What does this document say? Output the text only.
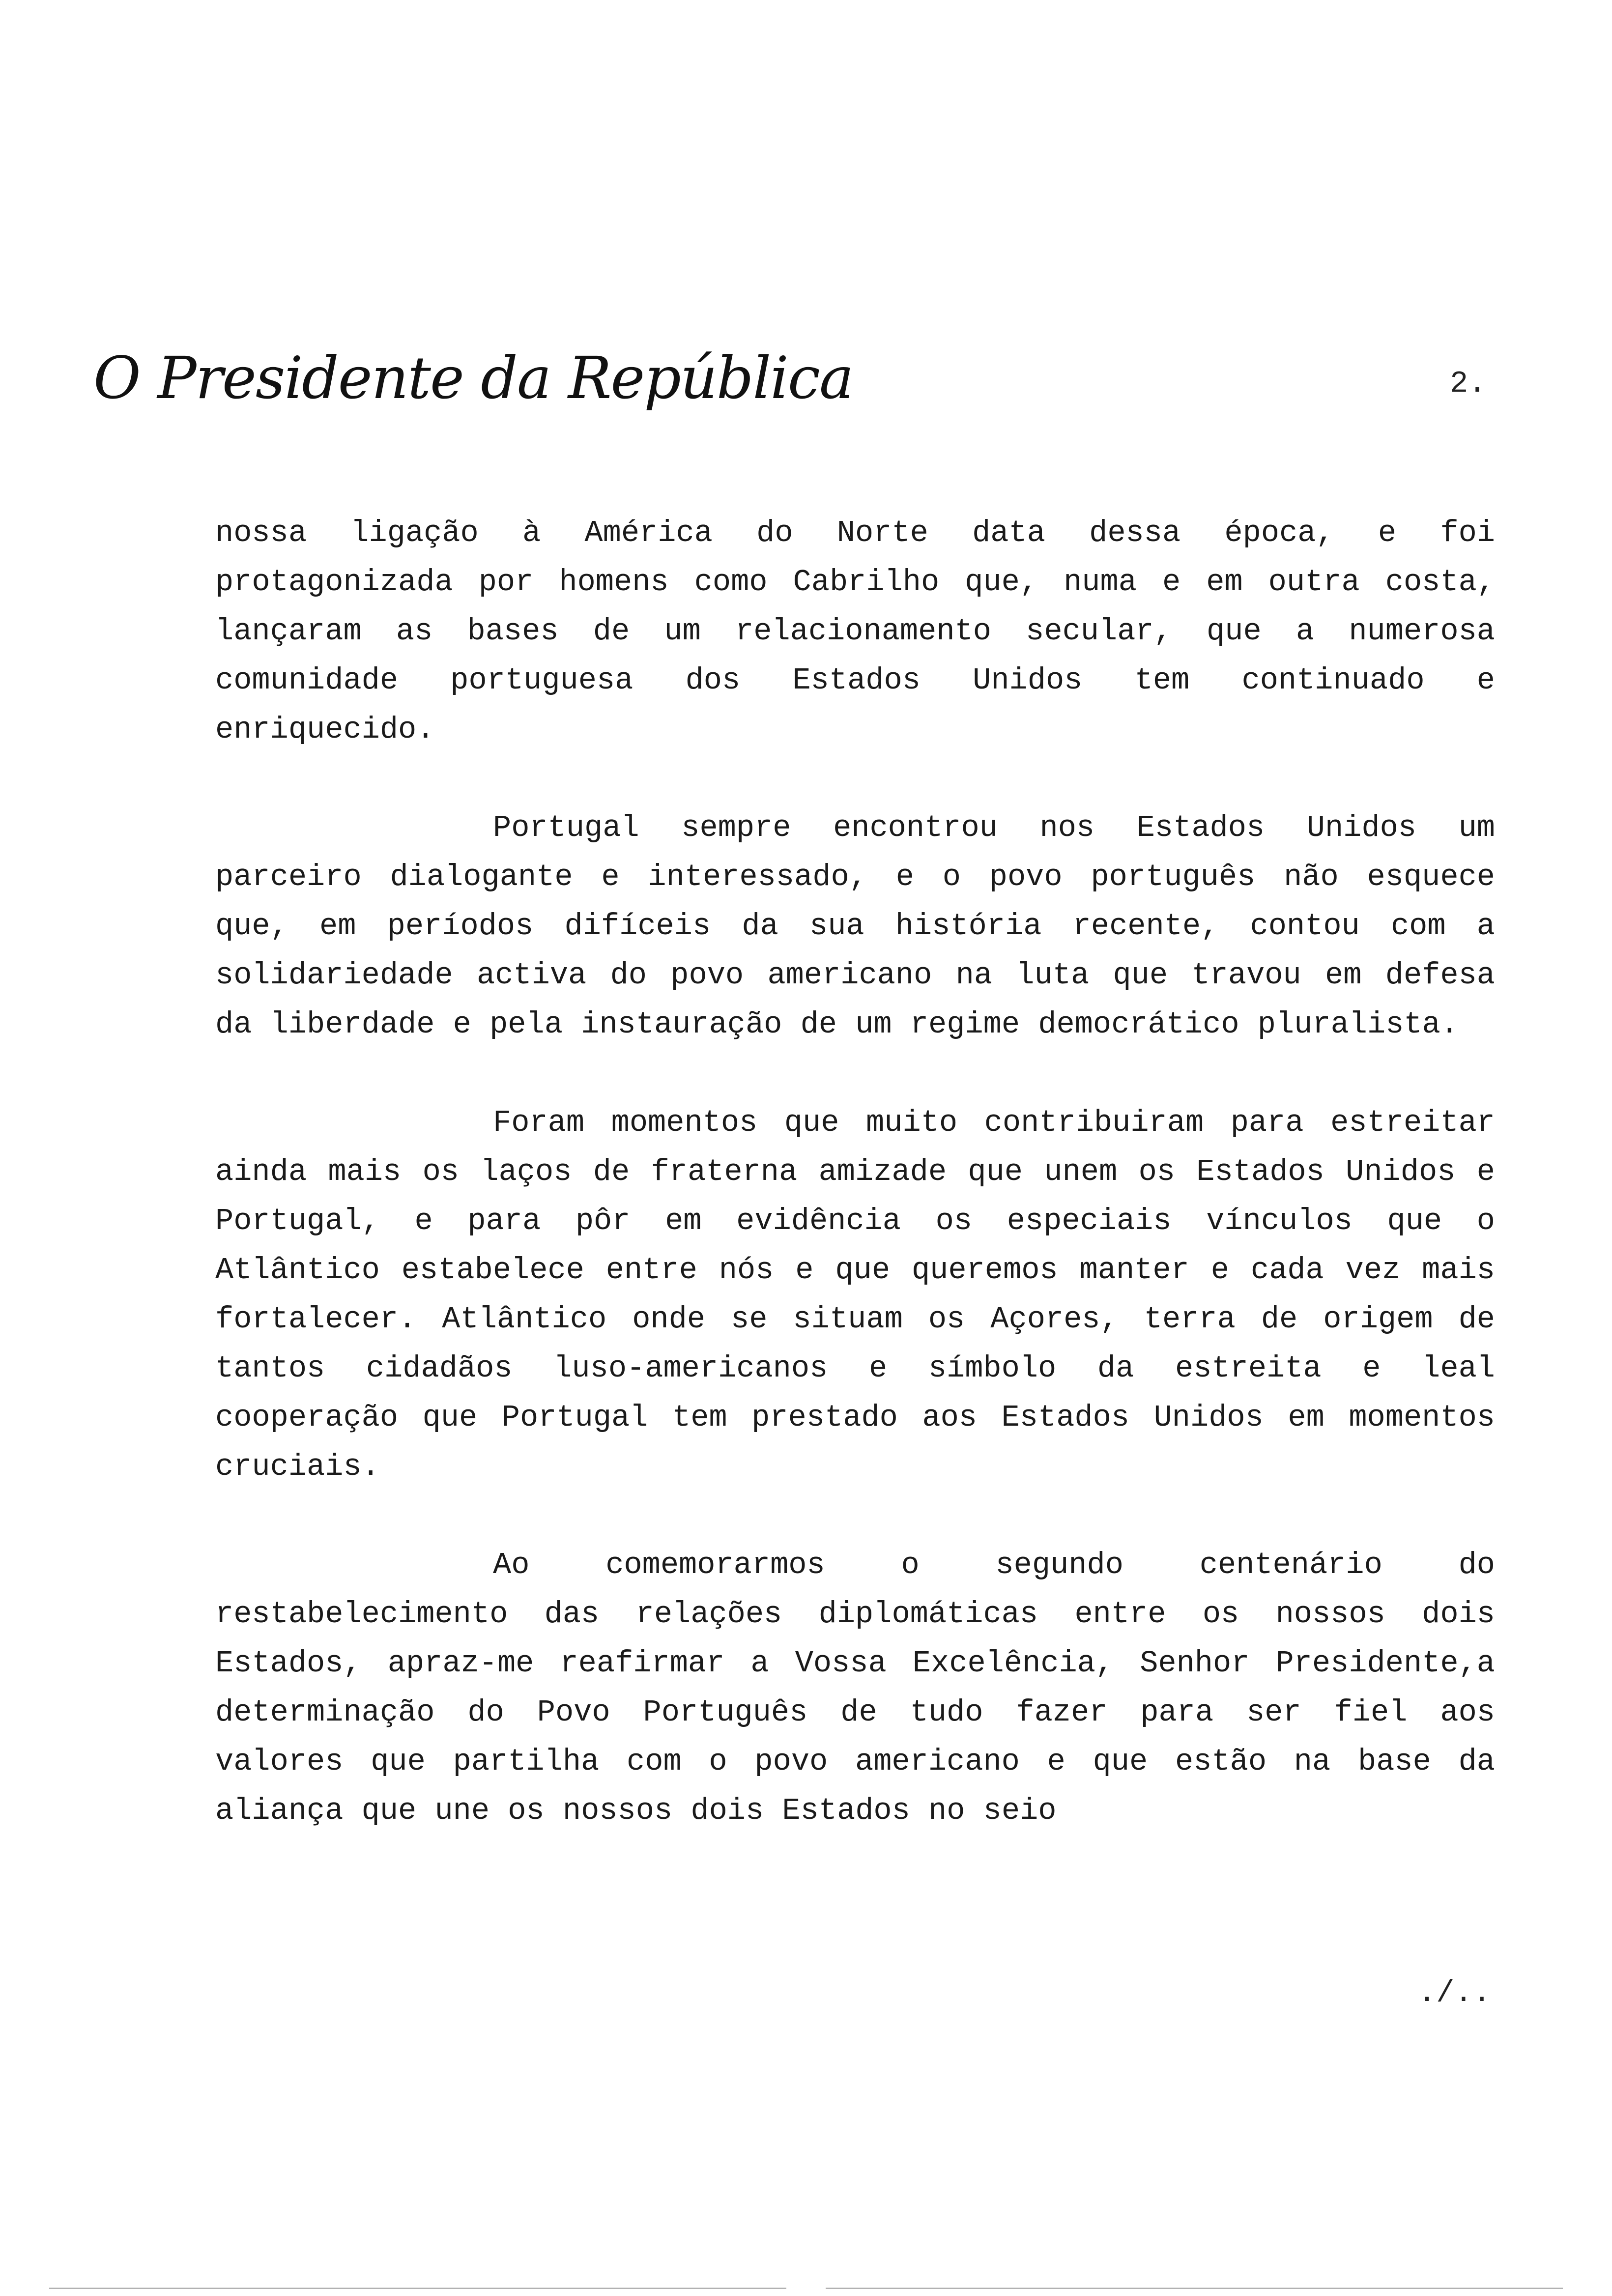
O Presidente da República	2.

nossa ligação à América do Norte data dessa época, e foi protagonizada por homens como Cabrilho que, numa e em outra costa, lançaram as bases de um relacionamento secular, que a numerosa comunidade portuguesa dos Estados Unidos tem continuado e enriquecido.

Portugal sempre encontrou nos Estados Unidos um parceiro dialogante e interessado, e o povo português não esquece que, em períodos difíceis da sua história recente, contou com a solidariedade activa do povo americano na luta que travou em defesa da liberdade e pela instauração de um regime democrático pluralista.

Foram momentos que muito contribuiram para estreitar ainda mais os laços de fraterna amizade que unem os Estados Unidos e Portugal, e para pôr em evidência os especiais vínculos que o Atlântico estabelece entre nós e que queremos manter e cada vez mais fortalecer. Atlântico onde se situam os Açores, terra de origem de tantos cidadãos luso-americanos e símbolo da estreita e leal cooperação que Portugal tem prestado aos Estados Unidos em momentos cruciais.

Ao comemorarmos o segundo centenário do restabelecimento das relações diplomáticas entre os nossos dois Estados, apraz-me reafirmar a Vossa Excelência, Senhor Presidente,a determinação do Povo Português de tudo fazer para ser fiel aos valores que partilha com o povo americano e que estão na base da aliança que une os nossos dois Estados no seio

./..
